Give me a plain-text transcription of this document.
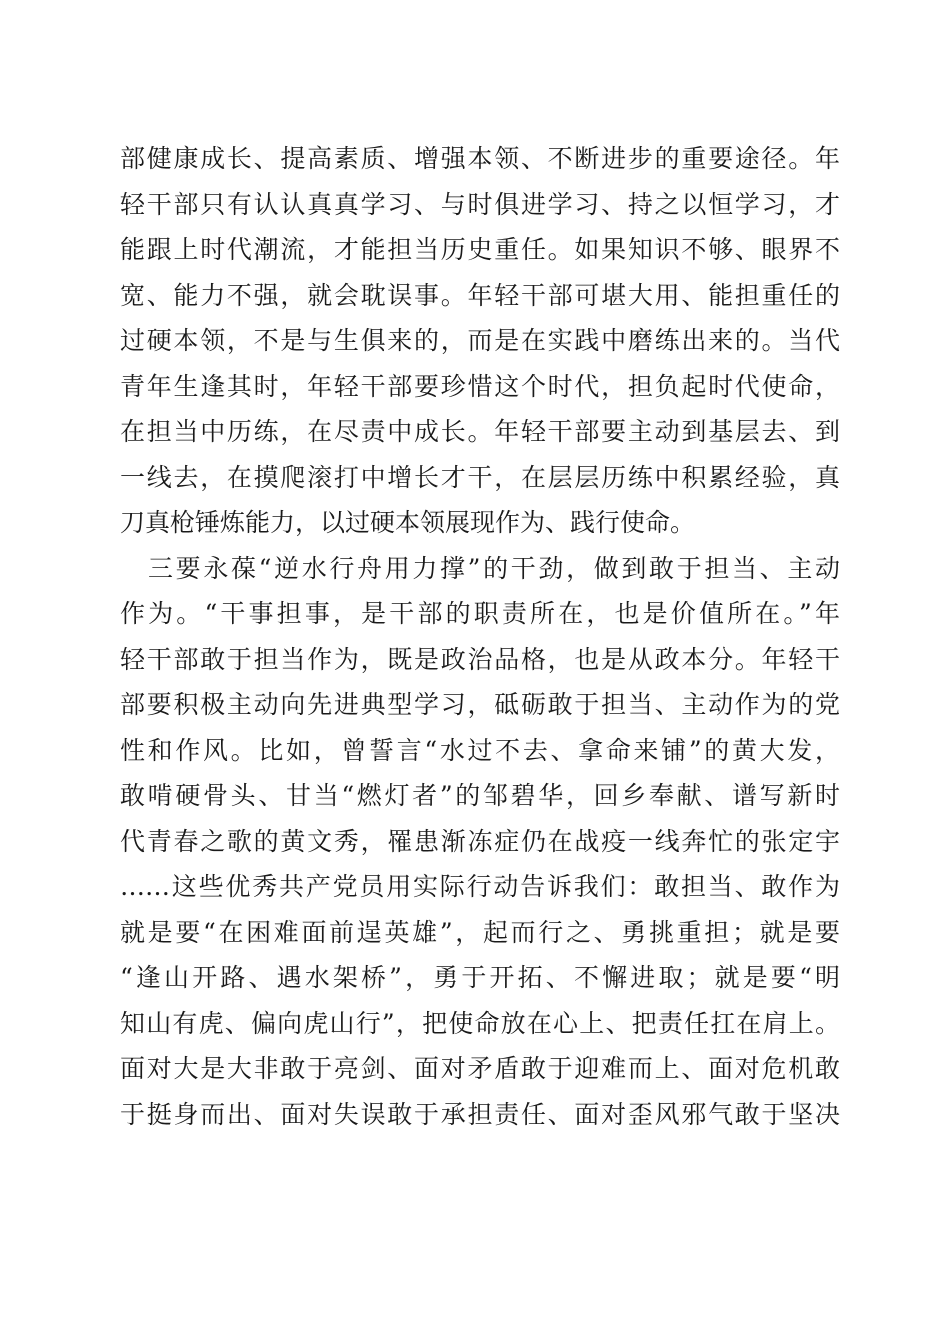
部健康成长、提高素质、增强本领、不断进步的重要途径。年
轻干部只有认认真真学习、与时俱进学习、持之以恒学习，才
能跟上时代潮流，才能担当历史重任。如果知识不够、眼界不
宽、能力不强，就会耽误事。年轻干部可堪大用、能担重任的
过硬本领，不是与生俱来的，而是在实践中磨练出来的。当代
青年生逢其时，年轻干部要珍惜这个时代，担负起时代使命，
在担当中历练，在尽责中成长。年轻干部要主动到基层去、到
一线去，在摸爬滚打中增长才干，在层层历练中积累经验，真
刀真枪锤炼能力，以过硬本领展现作为、践行使命。
三要永葆“逆水行舟用力撑”的干劲，做到敢于担当、主动
作为。“干事担事，是干部的职责所在，也是价值所在。”年
轻干部敢于担当作为，既是政治品格，也是从政本分。年轻干
部要积极主动向先进典型学习，砥砺敢于担当、主动作为的党
性和作风。比如，曾誓言“水过不去、拿命来铺”的黄大发，
敢啃硬骨头、甘当“燃灯者”的邹碧华，回乡奉献、谱写新时
代青春之歌的黄文秀，罹患渐冻症仍在战疫一线奔忙的张定宇
……这些优秀共产党员用实际行动告诉我们：敢担当、敢作为
就是要“在困难面前逞英雄”，起而行之、勇挑重担；就是要
“逢山开路、遇水架桥”，勇于开拓、不懈进取；就是要“明
知山有虎、偏向虎山行”，把使命放在心上、把责任扛在肩上。
面对大是大非敢于亮剑、面对矛盾敢于迎难而上、面对危机敢
于挺身而出、面对失误敢于承担责任、面对歪风邪气敢于坚决
